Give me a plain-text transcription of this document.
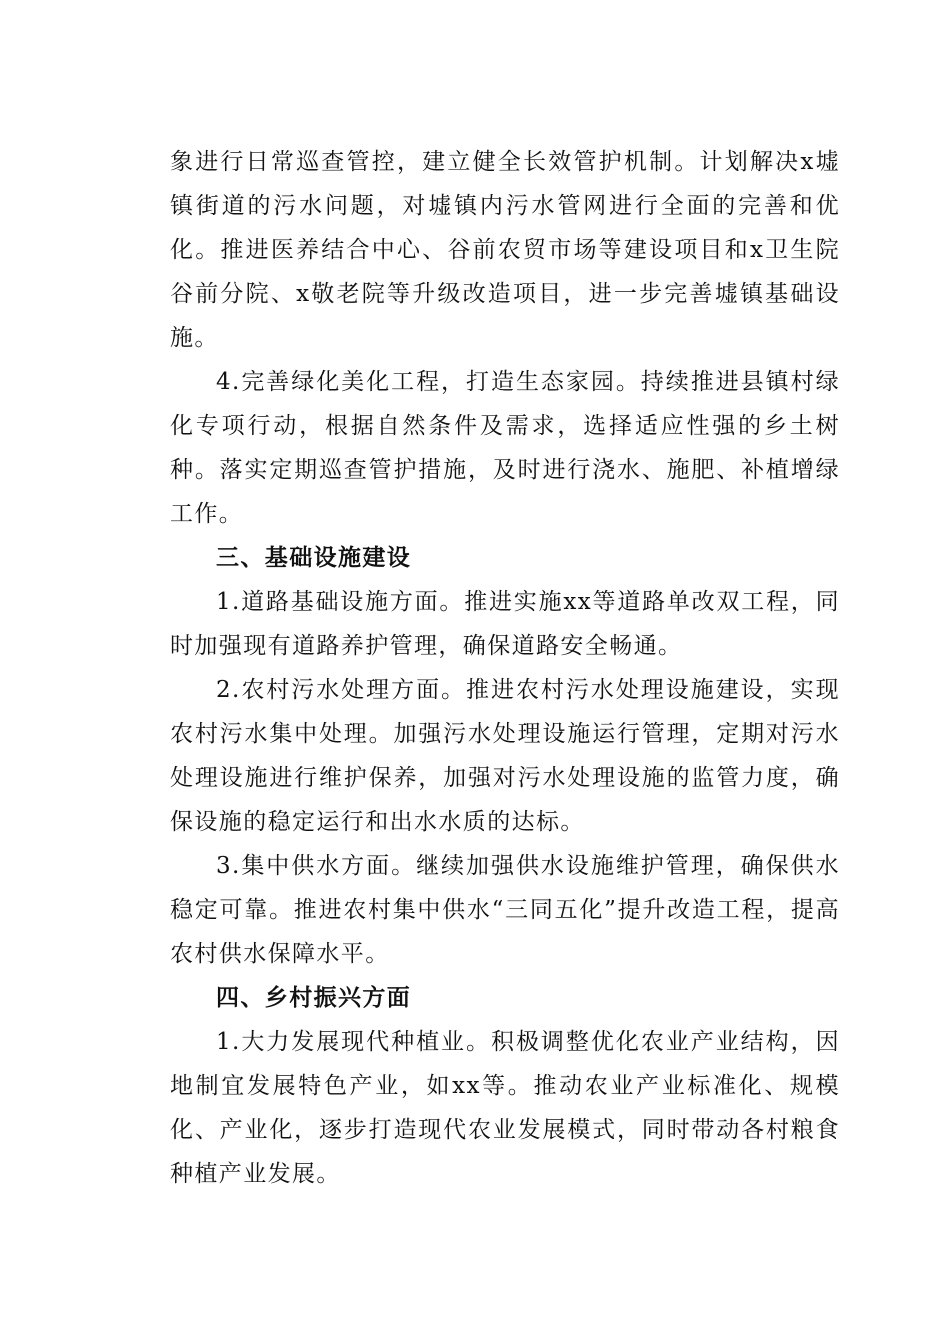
象进行日常巡查管控，建立健全长效管护机制。计划解决x墟镇街道的污水问题，对墟镇内污水管网进行全面的完善和优化。推进医养结合中心、谷前农贸市场等建设项目和x卫生院谷前分院、x敬老院等升级改造项目，进一步完善墟镇基础设施。

4.完善绿化美化工程，打造生态家园。持续推进县镇村绿化专项行动，根据自然条件及需求，选择适应性强的乡土树种。落实定期巡查管护措施，及时进行浇水、施肥、补植增绿工作。

三、基础设施建设

1.道路基础设施方面。推进实施xx等道路单改双工程，同时加强现有道路养护管理，确保道路安全畅通。

2.农村污水处理方面。推进农村污水处理设施建设，实现农村污水集中处理。加强污水处理设施运行管理，定期对污水处理设施进行维护保养，加强对污水处理设施的监管力度，确保设施的稳定运行和出水水质的达标。

3.集中供水方面。继续加强供水设施维护管理，确保供水稳定可靠。推进农村集中供水“三同五化”提升改造工程，提高农村供水保障水平。

四、乡村振兴方面

1.大力发展现代种植业。积极调整优化农业产业结构，因地制宜发展特色产业，如xx等。推动农业产业标准化、规模化、产业化，逐步打造现代农业发展模式，同时带动各村粮食种植产业发展。
